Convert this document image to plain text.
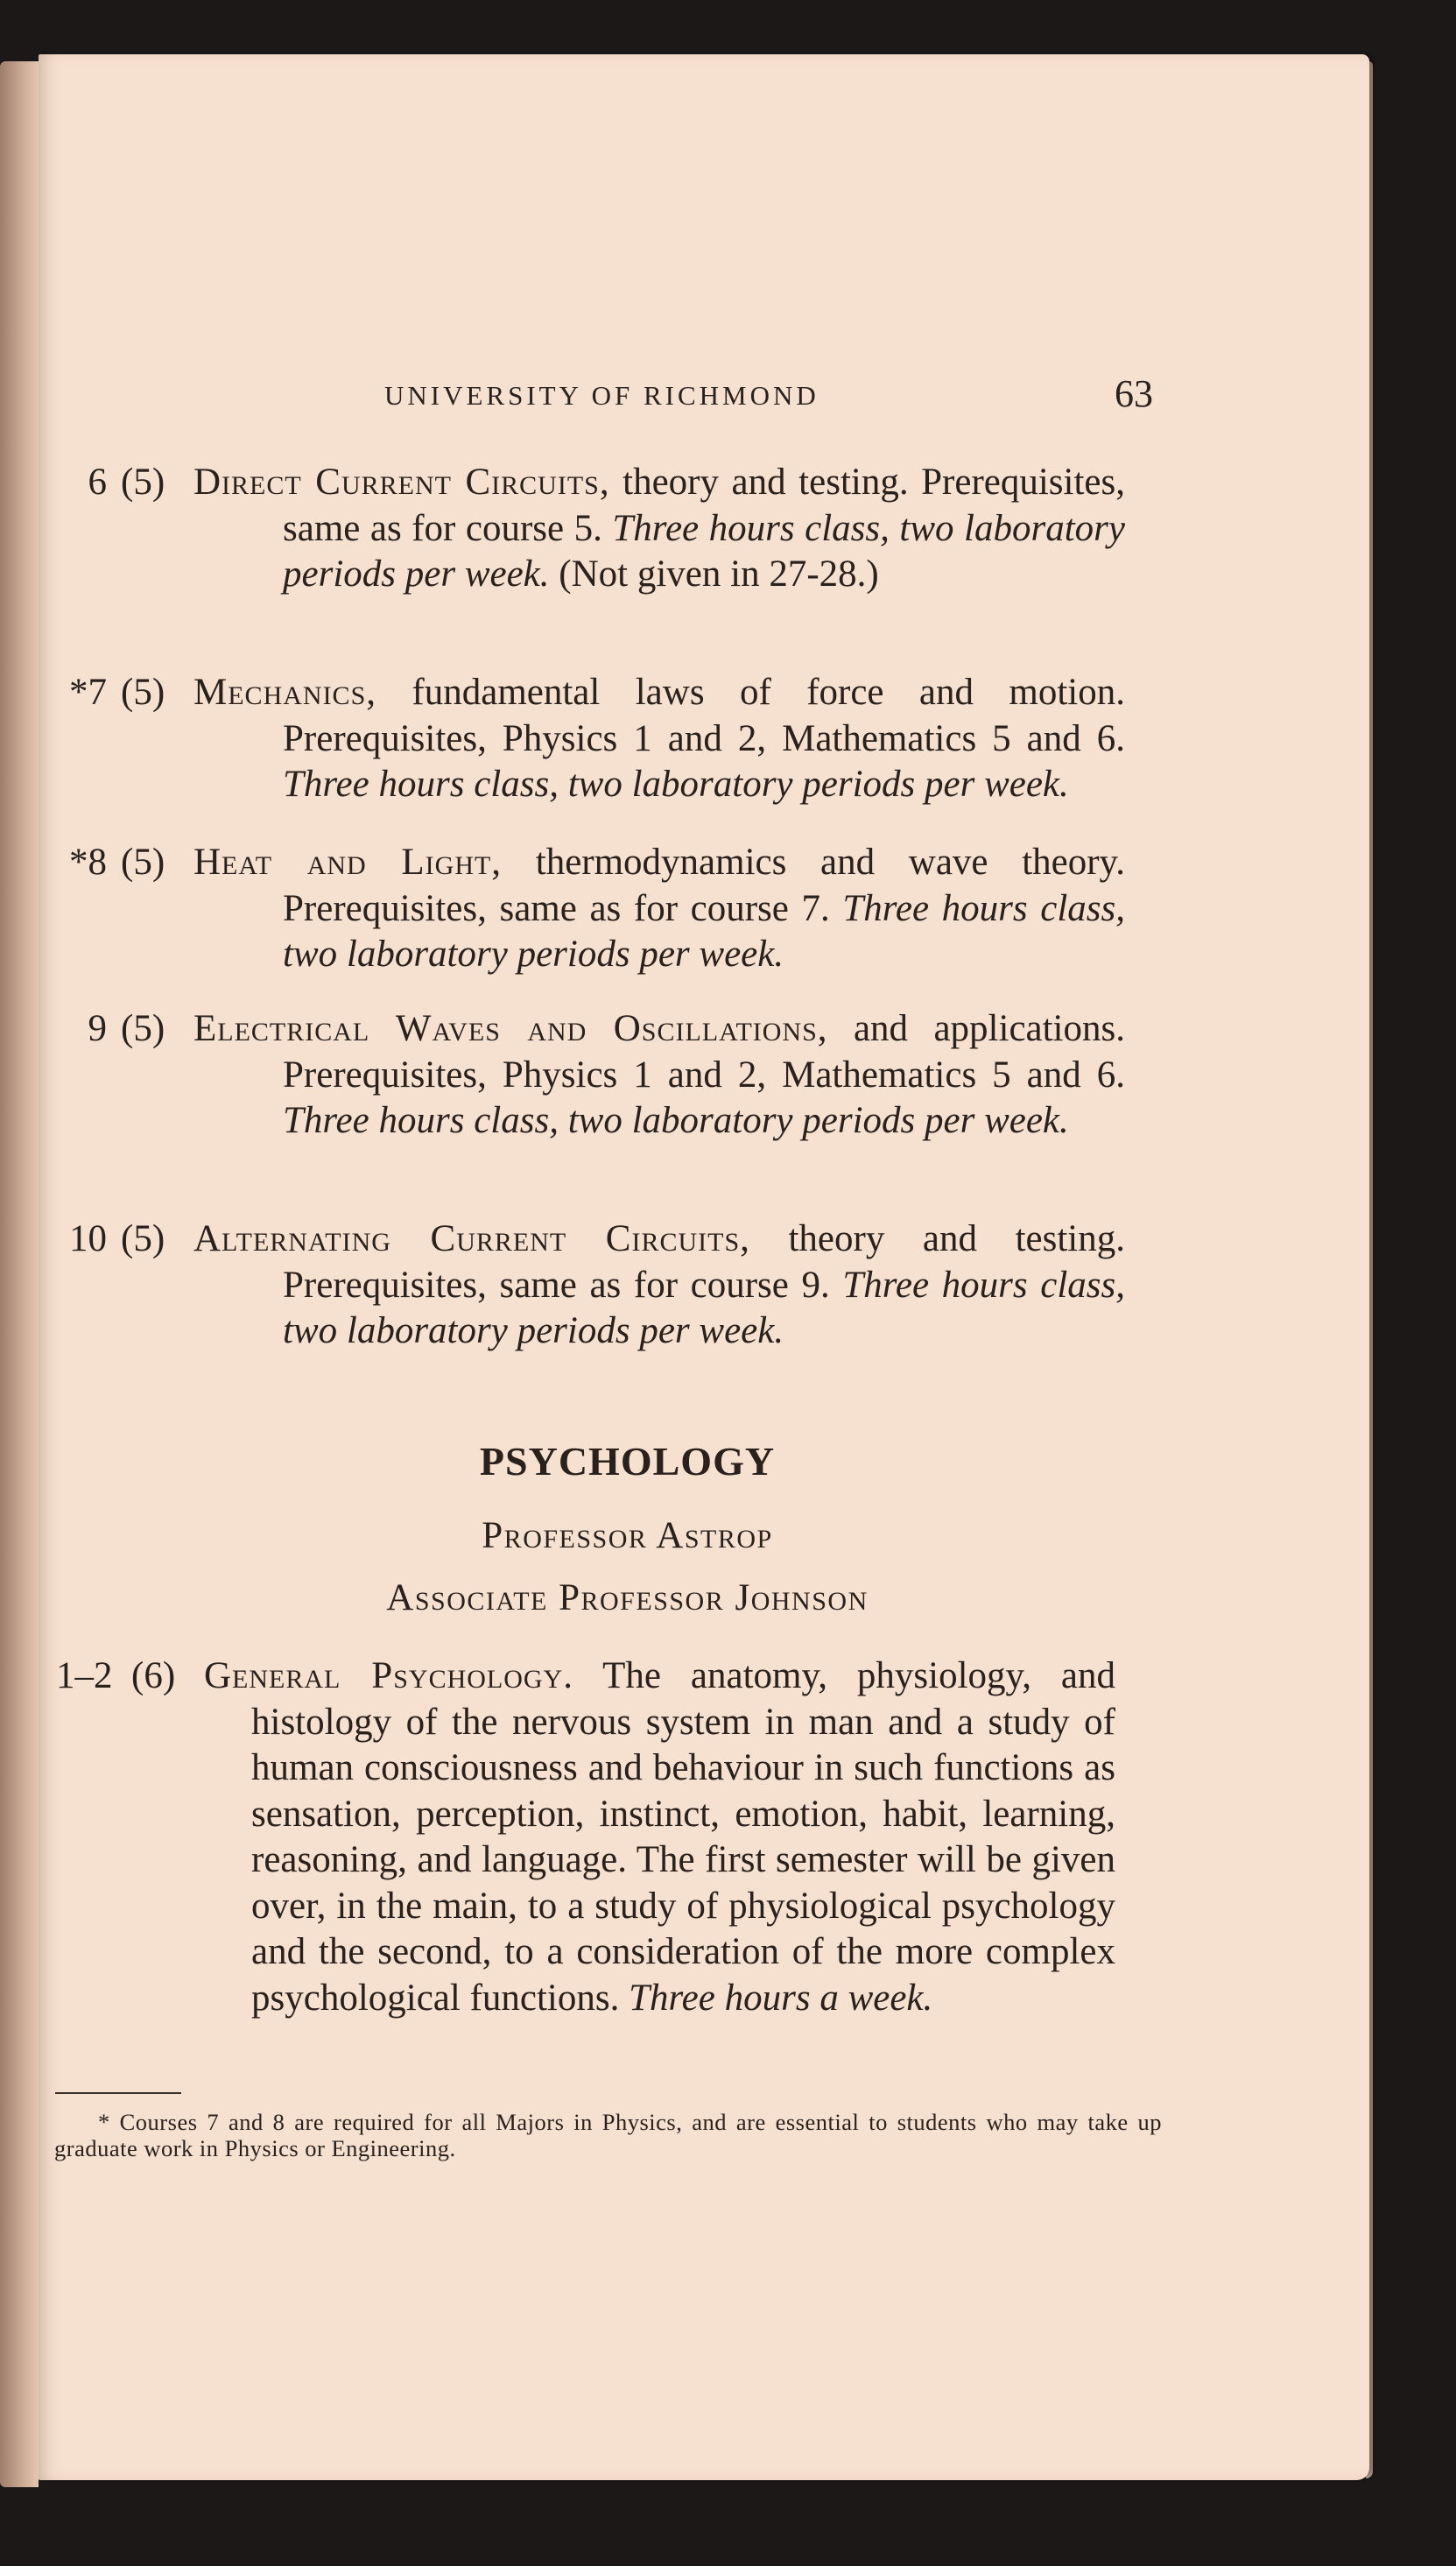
UNIVERSITY OF RICHMOND	63
6 (5) Direct Current Circuits, theory and testing. Prerequisites, same as for course 5. Three hours class, two laboratory periods per week. (Not given in 27-28.)
*7 (5) Mechanics, fundamental laws of force and motion. Prerequisites, Physics 1 and 2, Mathematics 5 and 6. Three hours class, two laboratory periods per week.
*8 (5) Heat and Light, thermodynamics and wave theory. Prerequisites, same as for course 7. Three hours class, two laboratory periods per week.
9 (5) Electrical Waves and Oscillations, and applications. Prerequisites, Physics 1 and 2, Mathematics 5 and 6. Three hours class, two laboratory periods per week.
10 (5) Alternating Current Circuits, theory and testing. Prerequisites, same as for course 9. Three hours class, two laboratory periods per week.
PSYCHOLOGY
Professor Astrop
Associate Professor Johnson
1–2 (6) General Psychology. The anatomy, physiology, and histology of the nervous system in man and a study of human consciousness and behaviour in such functions as sensation, perception, instinct, emotion, habit, learning, reasoning, and language. The first semester will be given over, in the main, to a study of physiological psychology and the second, to a consideration of the more complex psychological functions. Three hours a week.
* Courses 7 and 8 are required for all Majors in Physics, and are essential to students who may take up graduate work in Physics or Engineering.
